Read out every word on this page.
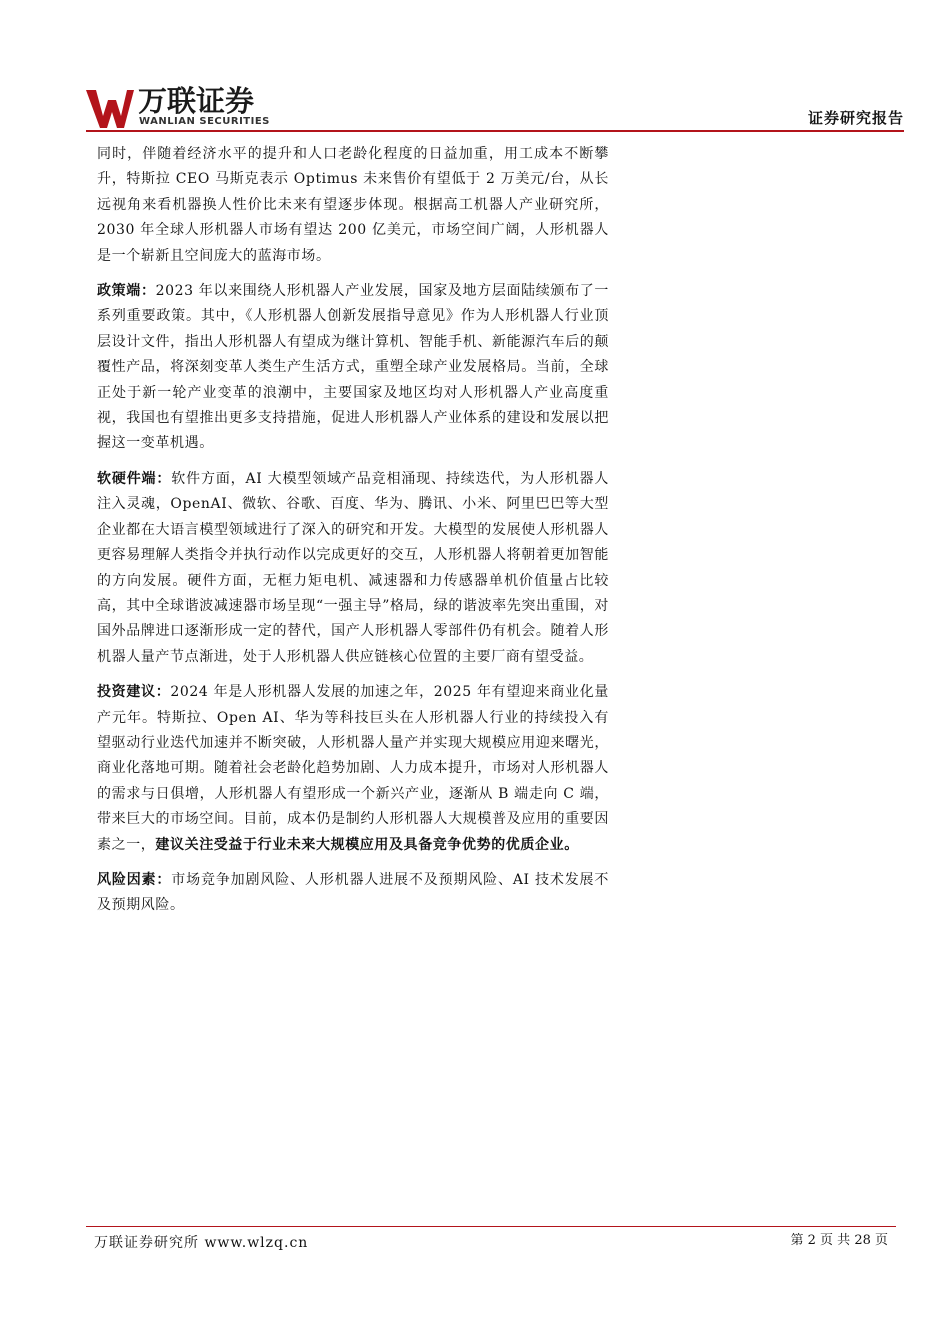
万联证券
WANLIAN SECURITIES	证券研究报告

同时，伴随着经济水平的提升和人口老龄化程度的日益加重，用工成本不断攀升，特斯拉 CEO 马斯克表示 Optimus 未来售价有望低于 2 万美元/台，从长远视角来看机器换人性价比未来有望逐步体现。根据高工机器人产业研究所，2030 年全球人形机器人市场有望达 200 亿美元，市场空间广阔，人形机器人是一个崭新且空间庞大的蓝海市场。

政策端：2023 年以来围绕人形机器人产业发展，国家及地方层面陆续颁布了一系列重要政策。其中，《人形机器人创新发展指导意见》作为人形机器人行业顶层设计文件，指出人形机器人有望成为继计算机、智能手机、新能源汽车后的颠覆性产品，将深刻变革人类生产生活方式，重塑全球产业发展格局。当前，全球正处于新一轮产业变革的浪潮中，主要国家及地区均对人形机器人产业高度重视，我国也有望推出更多支持措施，促进人形机器人产业体系的建设和发展以把握这一变革机遇。

软硬件端：软件方面，AI 大模型领域产品竞相涌现、持续迭代，为人形机器人注入灵魂，OpenAI、微软、谷歌、百度、华为、腾讯、小米、阿里巴巴等大型企业都在大语言模型领域进行了深入的研究和开发。大模型的发展使人形机器人更容易理解人类指令并执行动作以完成更好的交互，人形机器人将朝着更加智能的方向发展。硬件方面，无框力矩电机、减速器和力传感器单机价值量占比较高，其中全球谐波减速器市场呈现“一强主导”格局，绿的谐波率先突出重围，对国外品牌进口逐渐形成一定的替代，国产人形机器人零部件仍有机会。随着人形机器人量产节点渐进，处于人形机器人供应链核心位置的主要厂商有望受益。

投资建议：2024 年是人形机器人发展的加速之年，2025 年有望迎来商业化量产元年。特斯拉、Open AI、华为等科技巨头在人形机器人行业的持续投入有望驱动行业迭代加速并不断突破，人形机器人量产并实现大规模应用迎来曙光，商业化落地可期。随着社会老龄化趋势加剧、人力成本提升，市场对人形机器人的需求与日俱增，人形机器人有望形成一个新兴产业，逐渐从 B 端走向 C 端，带来巨大的市场空间。目前，成本仍是制约人形机器人大规模普及应用的重要因素之一，建议关注受益于行业未来大规模应用及具备竞争优势的优质企业。

风险因素：市场竞争加剧风险、人形机器人进展不及预期风险、AI 技术发展不及预期风险。

万联证券研究所 www.wlzq.cn	第 2 页 共 28 页
